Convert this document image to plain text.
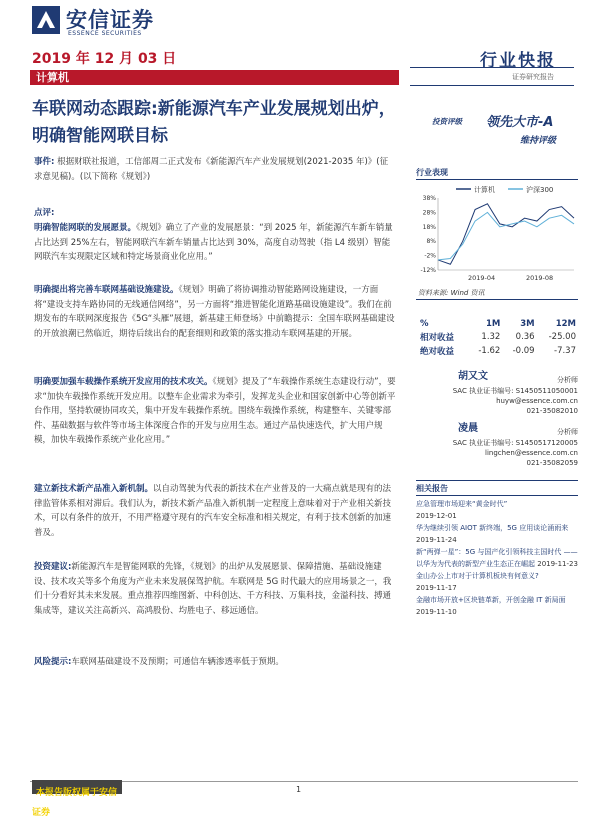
安信证券
ESSENCE SECURITIES
2019 年 12 月 03 日
计算机
行业快报
证券研究报告
车联网动态跟踪:新能源汽车产业发展规划出炉，明确智能网联目标
事件: 根据财联社报道，工信部周二正式发布《新能源汽车产业发展规划(2021-2035 年)》(征求意见稿)。(以下简称《规划》)
点评:
明确智能网联的发展愿景。《规划》确立了产业的发展愿景：“到 2025 年，新能源汽车新车销量占比达到 25%左右，智能网联汽车新车销量占比达到 30%，高度自动驾驶（指 L4 级别）智能网联汽车实现限定区域和特定场景商业化应用。”
明确提出将完善车联网基础设施建设。《规划》明确了将协调推动智能路网设施建设，一方面将“建设支持车路协同的无线通信网络”，另一方面将“推进智能化道路基础设施建设”。我们在前期发布的车联网深度报告《5G“头雁”展翅，新基建王师登场》中前瞻提示：全国车联网基础建设的开放浪潮已然临近，期待后续出台的配套细则和政策的落实推动车联网基建的开展。
明确要加强车载操作系统开发应用的技术攻关。《规划》提及了“车载操作系统生态建设行动”，要求“加快车载操作系统开发应用。以整车企业需求为牵引，发挥龙头企业和国家创新中心等创新平台作用，坚持软硬协同攻关，集中开发车载操作系统。围绕车载操作系统，构建整车、关键零部件、基础数据与软件等市场主体深度合作的开发与应用生态。通过产品快速迭代，扩大用户规模，加快车载操作系统产业化应用。”
建立新技术新产品准入新机制。以自动驾驶为代表的新技术在产业普及的一大痛点就是现有的法律监管体系相对滞后。我们认为，新技术新产品准入新机制一定程度上意味着对于产业相关新技术，可以有条件的放开，不用严格遵守现有的汽车安全标准和相关规定，有利于技术创新的加速普及。
投资建议:新能源汽车是智能网联的先锋，《规划》的出炉从发展愿景、保障措施、基础设施建设、技术攻关等多个角度为产业未来发展保驾护航。车联网是 5G 时代最大的应用场景之一，我们十分看好其未来发展。重点推荐四维图新、中科创达、千方科技、万集科技，金溢科技、搏通集成等，建议关注高新兴、高鸿股份、均胜电子、移远通信。
风险提示:车联网基础建设不及预期；可通信车辆渗透率低于预期。
投资评级 领先大市-A
维持评级
行业表现
计算机	沪深300
38%
28%
18%
8%
-2%
-12%
2019-04	2019-08
资料来源: Wind 资讯
%	1M	3M	12M
相对收益	1.32	0.36	-25.00
绝对收益	-1.62	-0.09	-7.37
胡又文	分析师
SAC 执业证书编号: S1450511050001
huyw@essence.com.cn
021-35082010
凌晨	分析师
SAC 执业证书编号: S1450517120005
lingchen@essence.com.cn
021-35082059
相关报告
应急管理市场迎来“黄金时代”
2019-12-01
华为继续引领 AIOT 新终端，5G 应用谈论涌雨来 2019-11-24
新“两弹一星”：5G 与国产化引领科技主国时代 —— 以华为为代表的新型产业生态正在崛起 2019-11-23
金山办公上市对于计算机板块有何意义?
2019-11-17
金融市场开放+区块链革新，开创金融 IT 新局面 2019-11-10
本报告版权属于安信证券
1
